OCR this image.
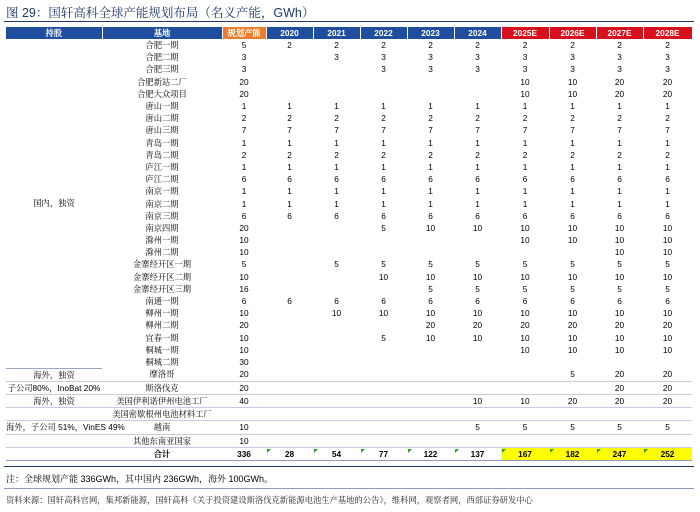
图 29：国轩高科全球产能规划布局（名义产能，GWh）
持股	基地	规划产能	2020	2021	2022	2023	2024	2025E	2026E	2027E	2028E
国内，独资	合肥一期	5	2	2	2	2	2	2	2	2	2
	合肥二期	3		3	3	3	3	3	3	3	3
	合肥三期	3			3	3	3	3	3	3	3
	合肥新站二厂	20						10	10	20	20
	合肥大众项目	20						10	10	20	20
	唐山一期	1	1	1	1	1	1	1	1	1	1
	唐山二期	2	2	2	2	2	2	2	2	2	2
	唐山三期	7	7	7	7	7	7	7	7	7	7
	青岛一期	1	1	1	1	1	1	1	1	1	1
	青岛二期	2	2	2	2	2	2	2	2	2	2
	庐江一期	1	1	1	1	1	1	1	1	1	1
	庐江二期	6	6	6	6	6	6	6	6	6	6
	南京一期	1	1	1	1	1	1	1	1	1	1
	南京二期	1	1	1	1	1	1	1	1	1	1
	南京三期	6	6	6	6	6	6	6	6	6	6
	南京四期	20			5	10	10	10	10	10	10
	滁州一期	10						10	10	10	10
	滁州二期	10								10	10
	金寨经开区一期	5		5	5	5	5	5	5	5	5
	金寨经开区二期	10			10	10	10	10	10	10	10
	金寨经开区三期	16				5	5	5	5	5	5
	南通一期	6	6	6	6	6	6	6	6	6	6
	柳州一期	10		10	10	10	10	10	10	10	10
	柳州二期	20				20	20	20	20	20	20
	宜春一期	10			5	10	10	10	10	10	10
	桐城一期	10						10	10	10	10
	桐城二期	30									
海外，独资	摩洛哥	20							5	20	20
子公司80%，InoBat 20%	斯洛伐克	20								20	20
海外，独资	美国伊利诺伊州电池工厂	40					10	10	20	20	20
	美国密歇根州电池材料工厂										
海外，子公司 51%，VinES 49%	越南	10					5	5	5	5	5
	其他东南亚国家	10									
	合计	336	28	54	77	122	137	167	182	247	252
注：全球规划产能 336GWh，其中国内 236GWh，海外 100GWh。
资料来源：国轩高科官网，集邦新能源，国轩高科《关于投资建设斯洛伐克新能源电池生产基地的公告》，维科网，观察者网，西部证券研发中心
